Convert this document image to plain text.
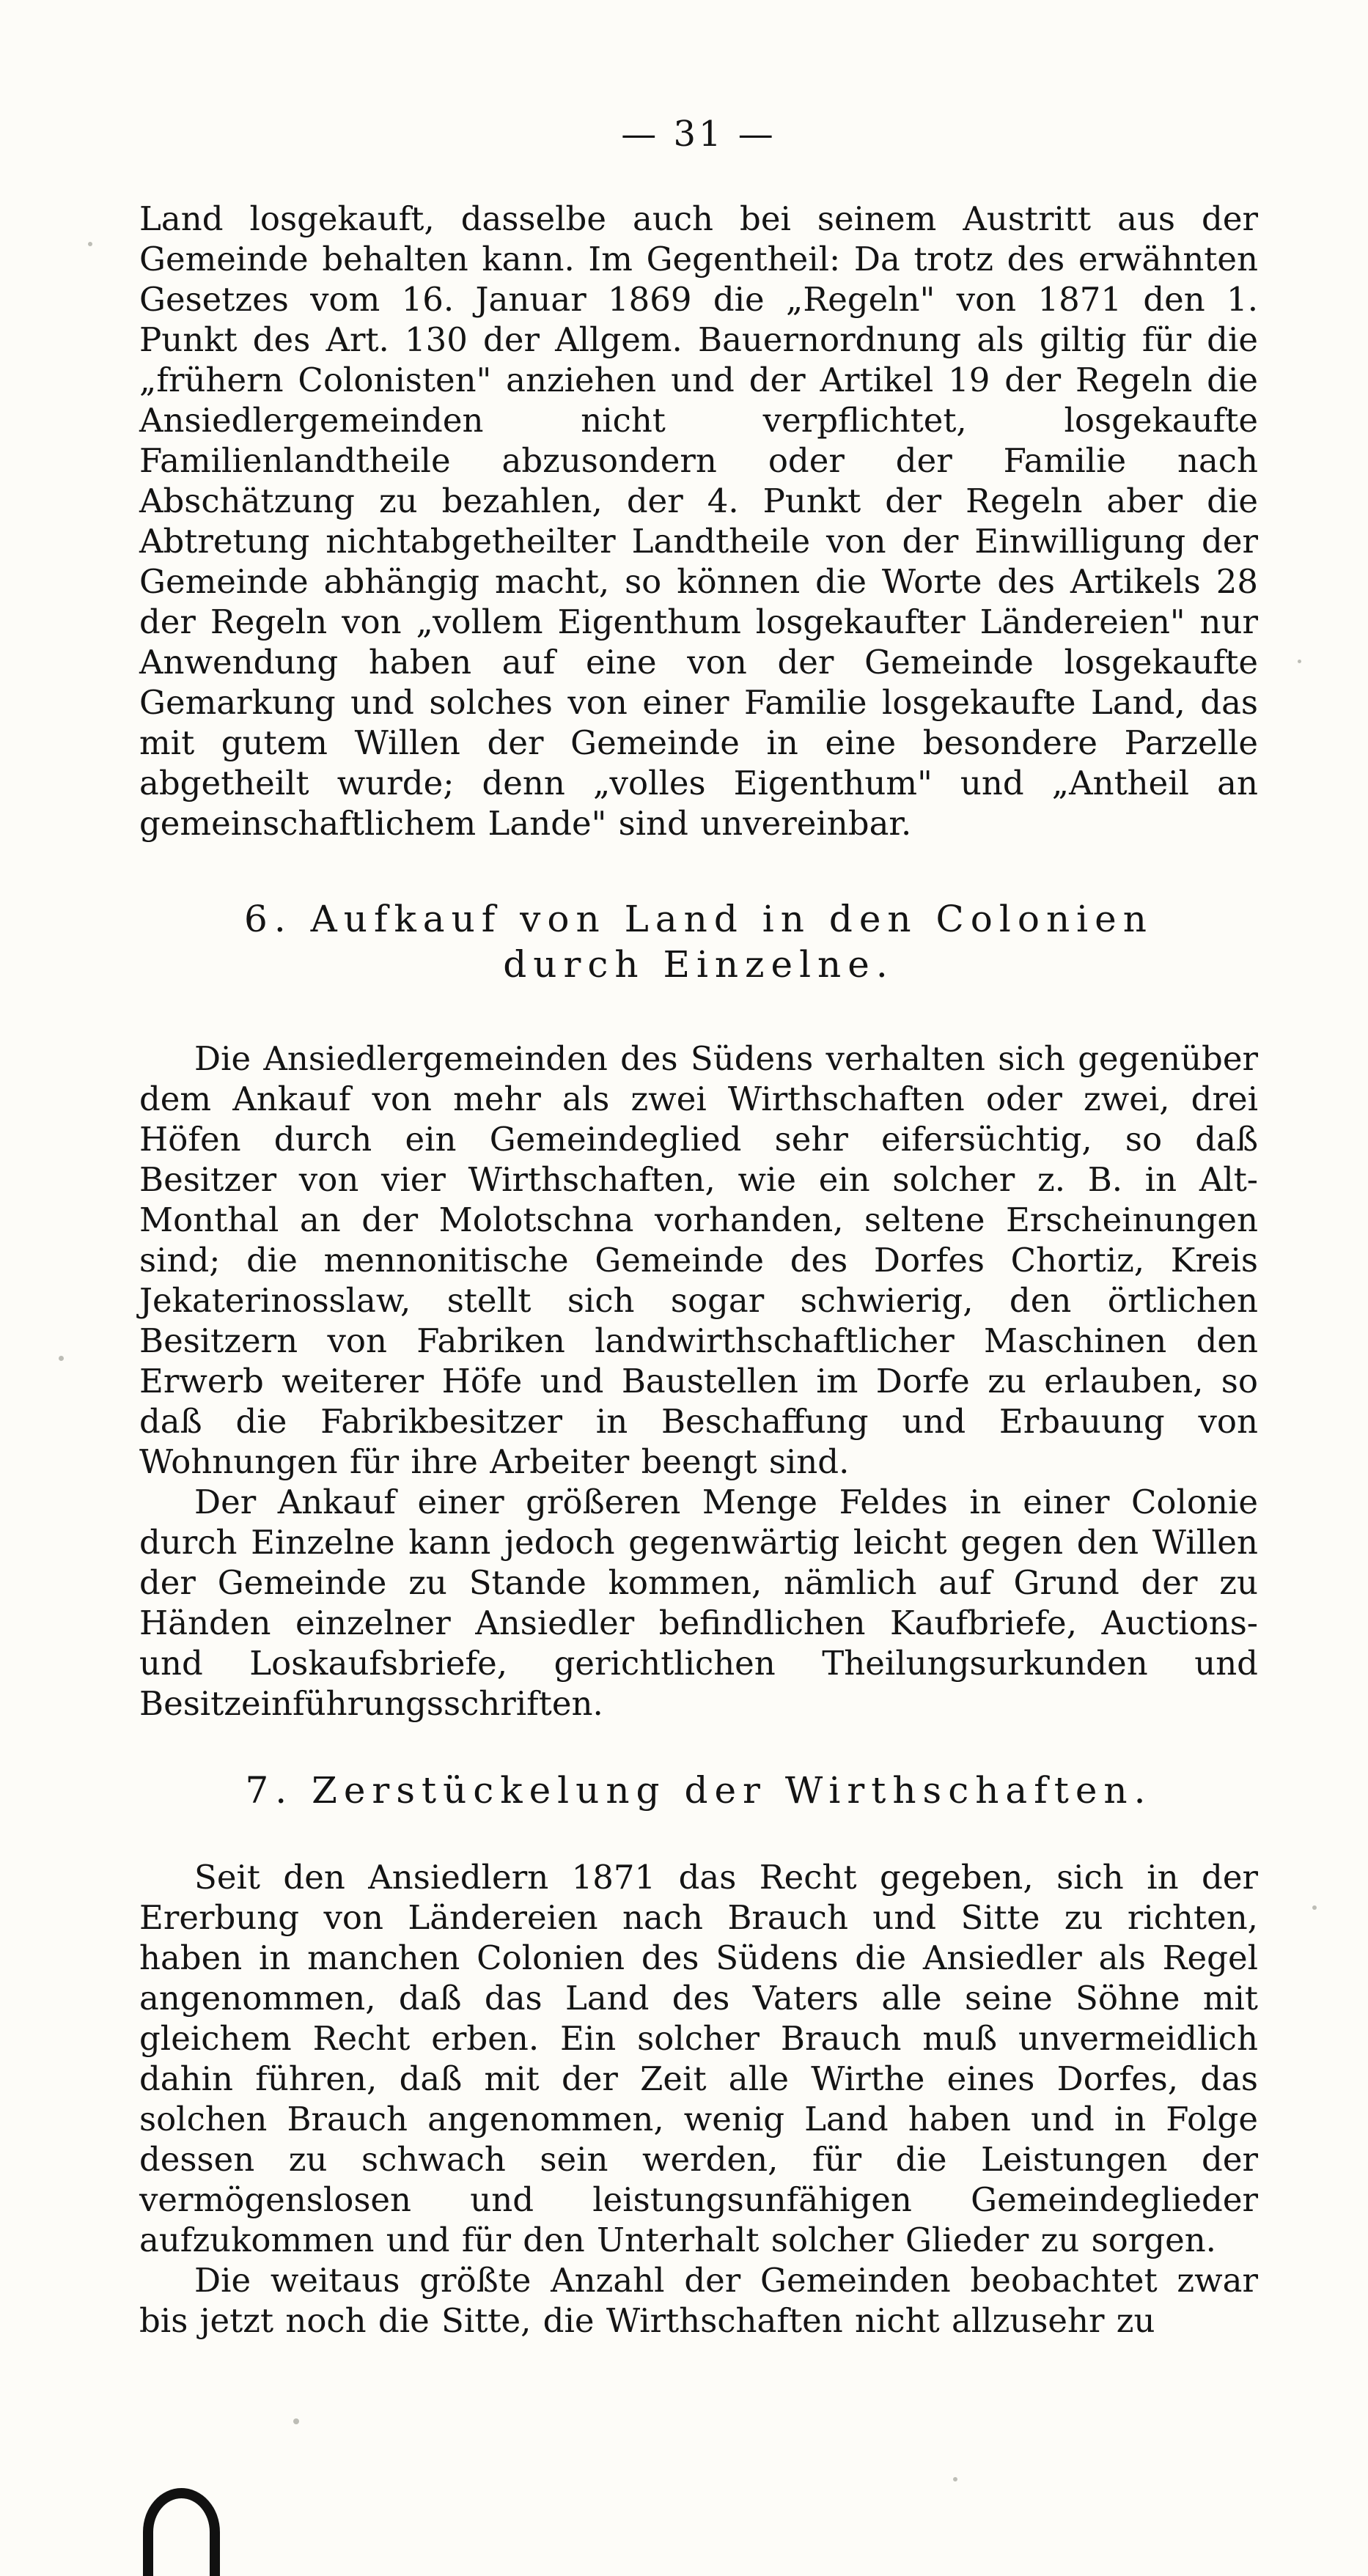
— 31 —

Land losgekauft, dasselbe auch bei seinem Austritt aus der Gemeinde behalten kann. Im Gegentheil: Da trotz des erwähnten Gesetzes vom 16. Januar 1869 die „Regeln" von 1871 den 1. Punkt des Art. 130 der Allgem. Bauernordnung als giltig für die „frühern Colonisten" anziehen und der Artikel 19 der Regeln die Ansiedlergemeinden nicht verpflichtet, losgekaufte Familienlandtheile abzusondern oder der Familie nach Abschätzung zu bezahlen, der 4. Punkt der Regeln aber die Abtretung nichtabgetheilter Landtheile von der Einwilligung der Gemeinde abhängig macht, so können die Worte des Artikels 28 der Regeln von „vollem Eigenthum losgekaufter Ländereien" nur Anwendung haben auf eine von der Gemeinde losgekaufte Gemarkung und solches von einer Familie losgekaufte Land, das mit gutem Willen der Gemeinde in eine besondere Parzelle abgetheilt wurde; denn „volles Eigenthum" und „Antheil an gemeinschaftlichem Lande" sind unvereinbar.

6. Aufkauf von Land in den Colonien
durch Einzelne.

Die Ansiedlergemeinden des Südens verhalten sich gegenüber dem Ankauf von mehr als zwei Wirthschaften oder zwei, drei Höfen durch ein Gemeindeglied sehr eifersüchtig, so daß Besitzer von vier Wirthschaften, wie ein solcher z. B. in Alt-Monthal an der Molotschna vorhanden, seltene Erscheinungen sind; die mennonitische Gemeinde des Dorfes Chortiz, Kreis Jekaterinosslaw, stellt sich sogar schwierig, den örtlichen Besitzern von Fabriken landwirthschaftlicher Maschinen den Erwerb weiterer Höfe und Baustellen im Dorfe zu erlauben, so daß die Fabrikbesitzer in Beschaffung und Erbauung von Wohnungen für ihre Arbeiter beengt sind.

Der Ankauf einer größeren Menge Feldes in einer Colonie durch Einzelne kann jedoch gegenwärtig leicht gegen den Willen der Gemeinde zu Stande kommen, nämlich auf Grund der zu Händen einzelner Ansiedler befindlichen Kaufbriefe, Auctions- und Loskaufsbriefe, gerichtlichen Theilungsurkunden und Besitzeinführungsschriften.

7. Zerstückelung der Wirthschaften.

Seit den Ansiedlern 1871 das Recht gegeben, sich in der Ererbung von Ländereien nach Brauch und Sitte zu richten, haben in manchen Colonien des Südens die Ansiedler als Regel angenommen, daß das Land des Vaters alle seine Söhne mit gleichem Recht erben. Ein solcher Brauch muß unvermeidlich dahin führen, daß mit der Zeit alle Wirthe eines Dorfes, das solchen Brauch angenommen, wenig Land haben und in Folge dessen zu schwach sein werden, für die Leistungen der vermögenslosen und leistungsunfähigen Gemeindeglieder aufzukommen und für den Unterhalt solcher Glieder zu sorgen.

Die weitaus größte Anzahl der Gemeinden beobachtet zwar bis jetzt noch die Sitte, die Wirthschaften nicht allzusehr zu
